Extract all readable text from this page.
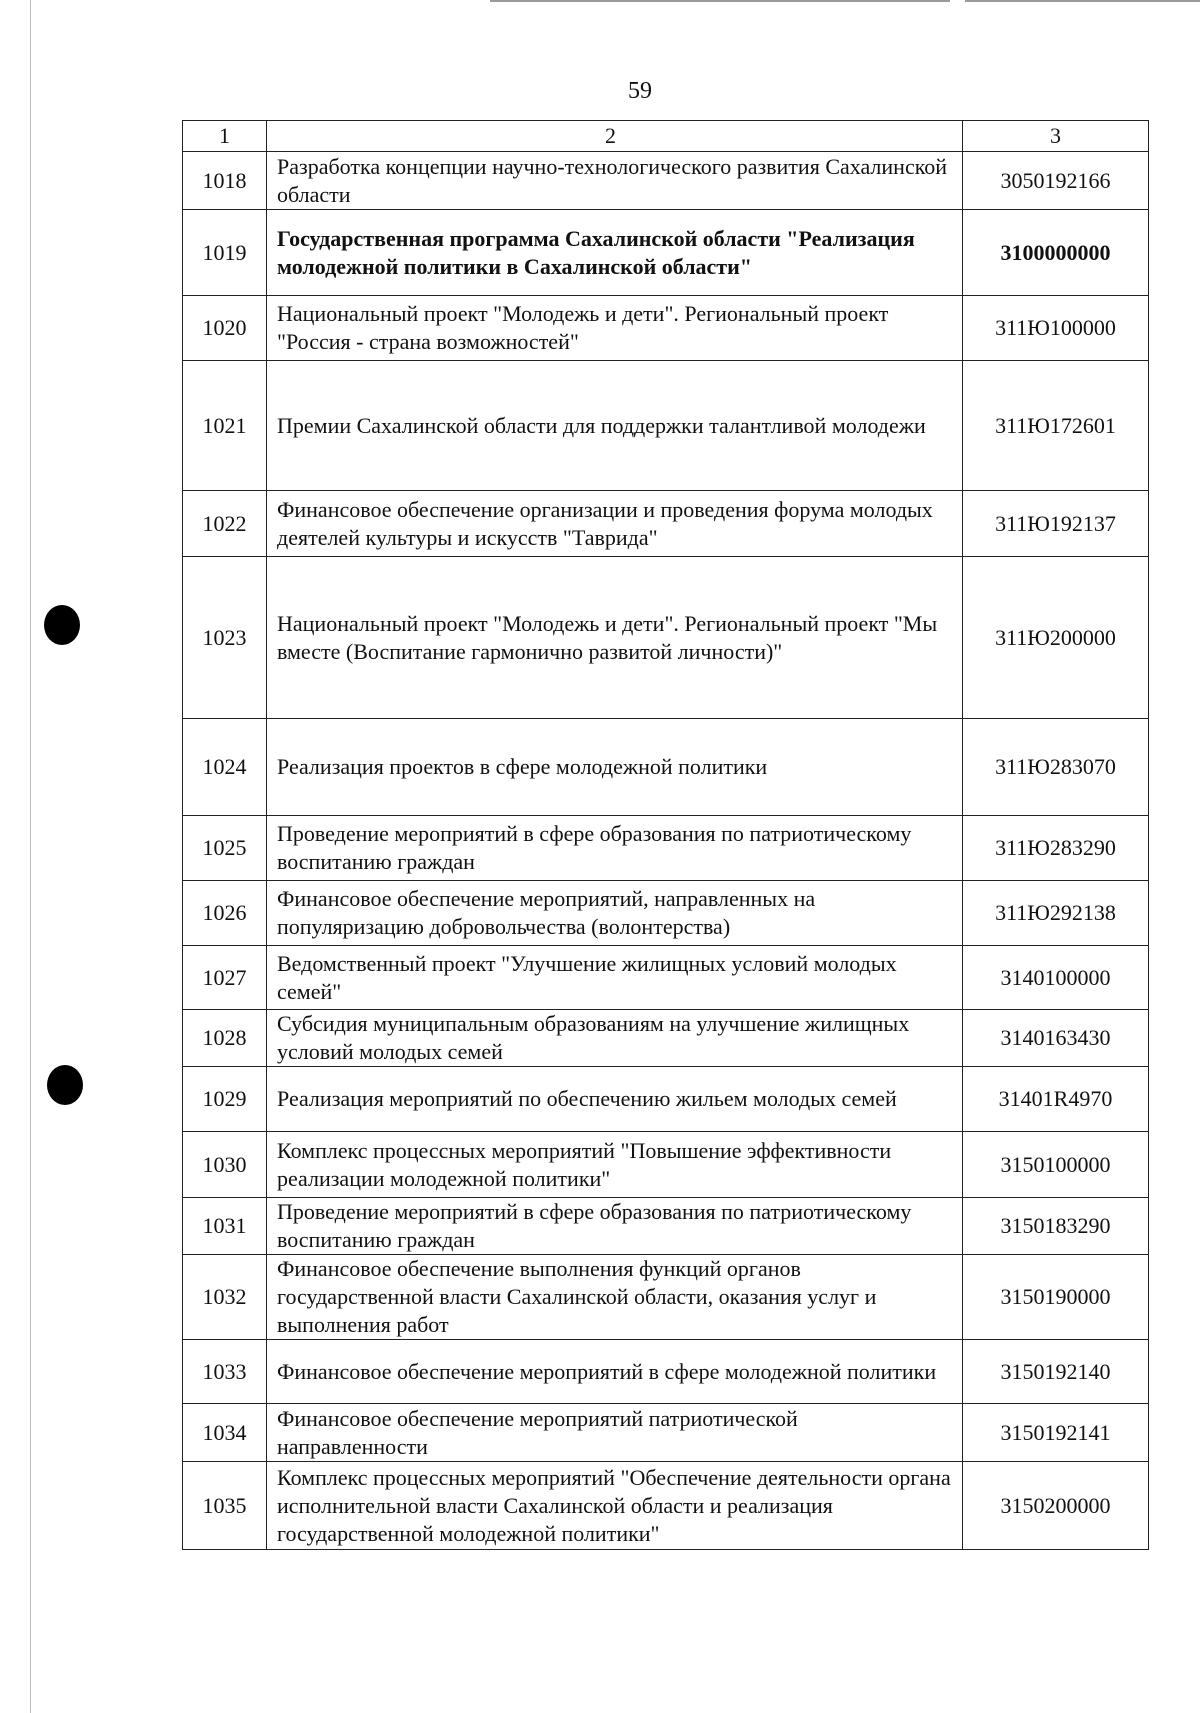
59
1	2	3
1018	Разработка концепции научно-технологического развития Сахалинской области	3050192166
1019	Государственная программа Сахалинской области "Реализация молодежной политики в Сахалинской области"	3100000000
1020	Национальный проект "Молодежь и дети". Региональный проект "Россия - страна возможностей"	311Ю100000
1021	Премии Сахалинской области для поддержки талантливой молодежи	311Ю172601
1022	Финансовое обеспечение организации и проведения форума молодых деятелей культуры и искусств "Таврида"	311Ю192137
1023	Национальный проект "Молодежь и дети". Региональный проект "Мы вместе (Воспитание гармонично развитой личности)"	311Ю200000
1024	Реализация проектов в сфере молодежной политики	311Ю283070
1025	Проведение мероприятий в сфере образования по патриотическому воспитанию граждан	311Ю283290
1026	Финансовое обеспечение мероприятий, направленных на популяризацию добровольчества (волонтерства)	311Ю292138
1027	Ведомственный проект "Улучшение жилищных условий молодых семей"	3140100000
1028	Субсидия муниципальным образованиям на улучшение жилищных условий молодых семей	3140163430
1029	Реализация мероприятий по обеспечению жильем молодых семей	31401R4970
1030	Комплекс процессных мероприятий "Повышение эффективности реализации молодежной политики"	3150100000
1031	Проведение мероприятий в сфере образования по патриотическому воспитанию граждан	3150183290
1032	Финансовое обеспечение выполнения функций органов государственной власти Сахалинской области, оказания услуг и выполнения работ	3150190000
1033	Финансовое обеспечение мероприятий в сфере молодежной политики	3150192140
1034	Финансовое обеспечение мероприятий патриотической направленности	3150192141
1035	Комплекс процессных мероприятий "Обеспечение деятельности органа исполнительной власти Сахалинской области и реализация государственной молодежной политики"	3150200000
